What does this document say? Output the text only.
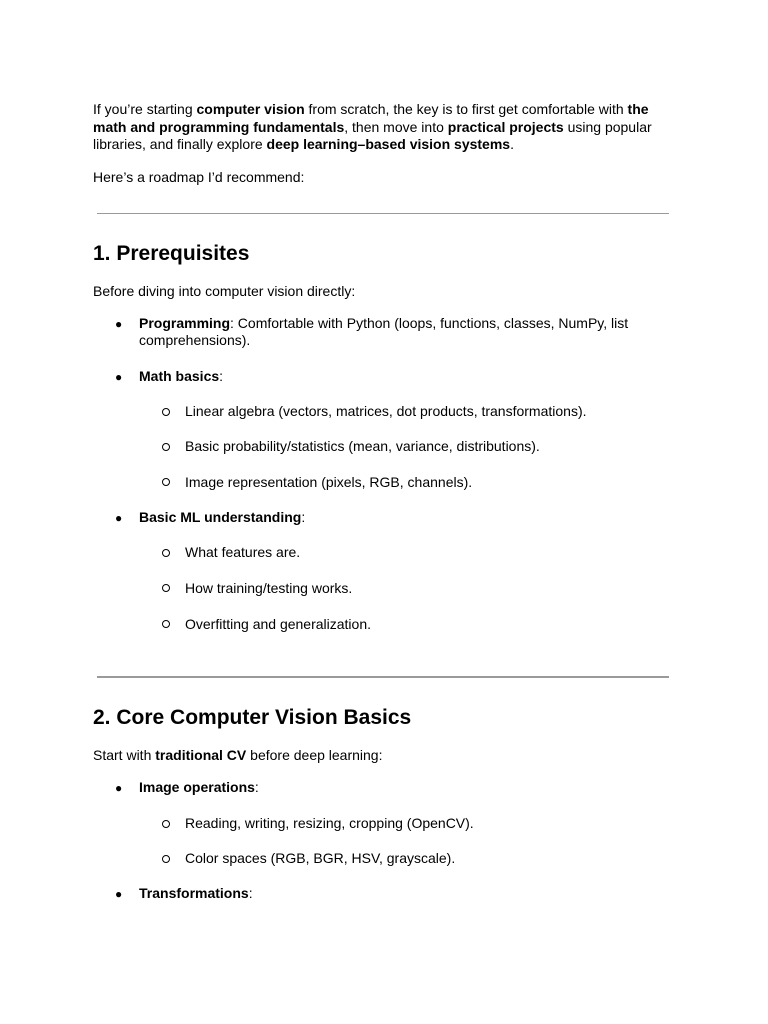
If you’re starting computer vision from scratch, the key is to first get comfortable with the math and programming fundamentals, then move into practical projects using popular libraries, and finally explore deep learning–based vision systems.
Here’s a roadmap I’d recommend:
1. Prerequisites
Before diving into computer vision directly:
● Programming: Comfortable with Python (loops, functions, classes, NumPy, list comprehensions).
● Math basics:
Linear algebra (vectors, matrices, dot products, transformations).
Basic probability/statistics (mean, variance, distributions).
Image representation (pixels, RGB, channels).
● Basic ML understanding:
What features are.
How training/testing works.
Overfitting and generalization.
2. Core Computer Vision Basics
Start with traditional CV before deep learning:
● Image operations:
Reading, writing, resizing, cropping (OpenCV).
Color spaces (RGB, BGR, HSV, grayscale).
● Transformations:
